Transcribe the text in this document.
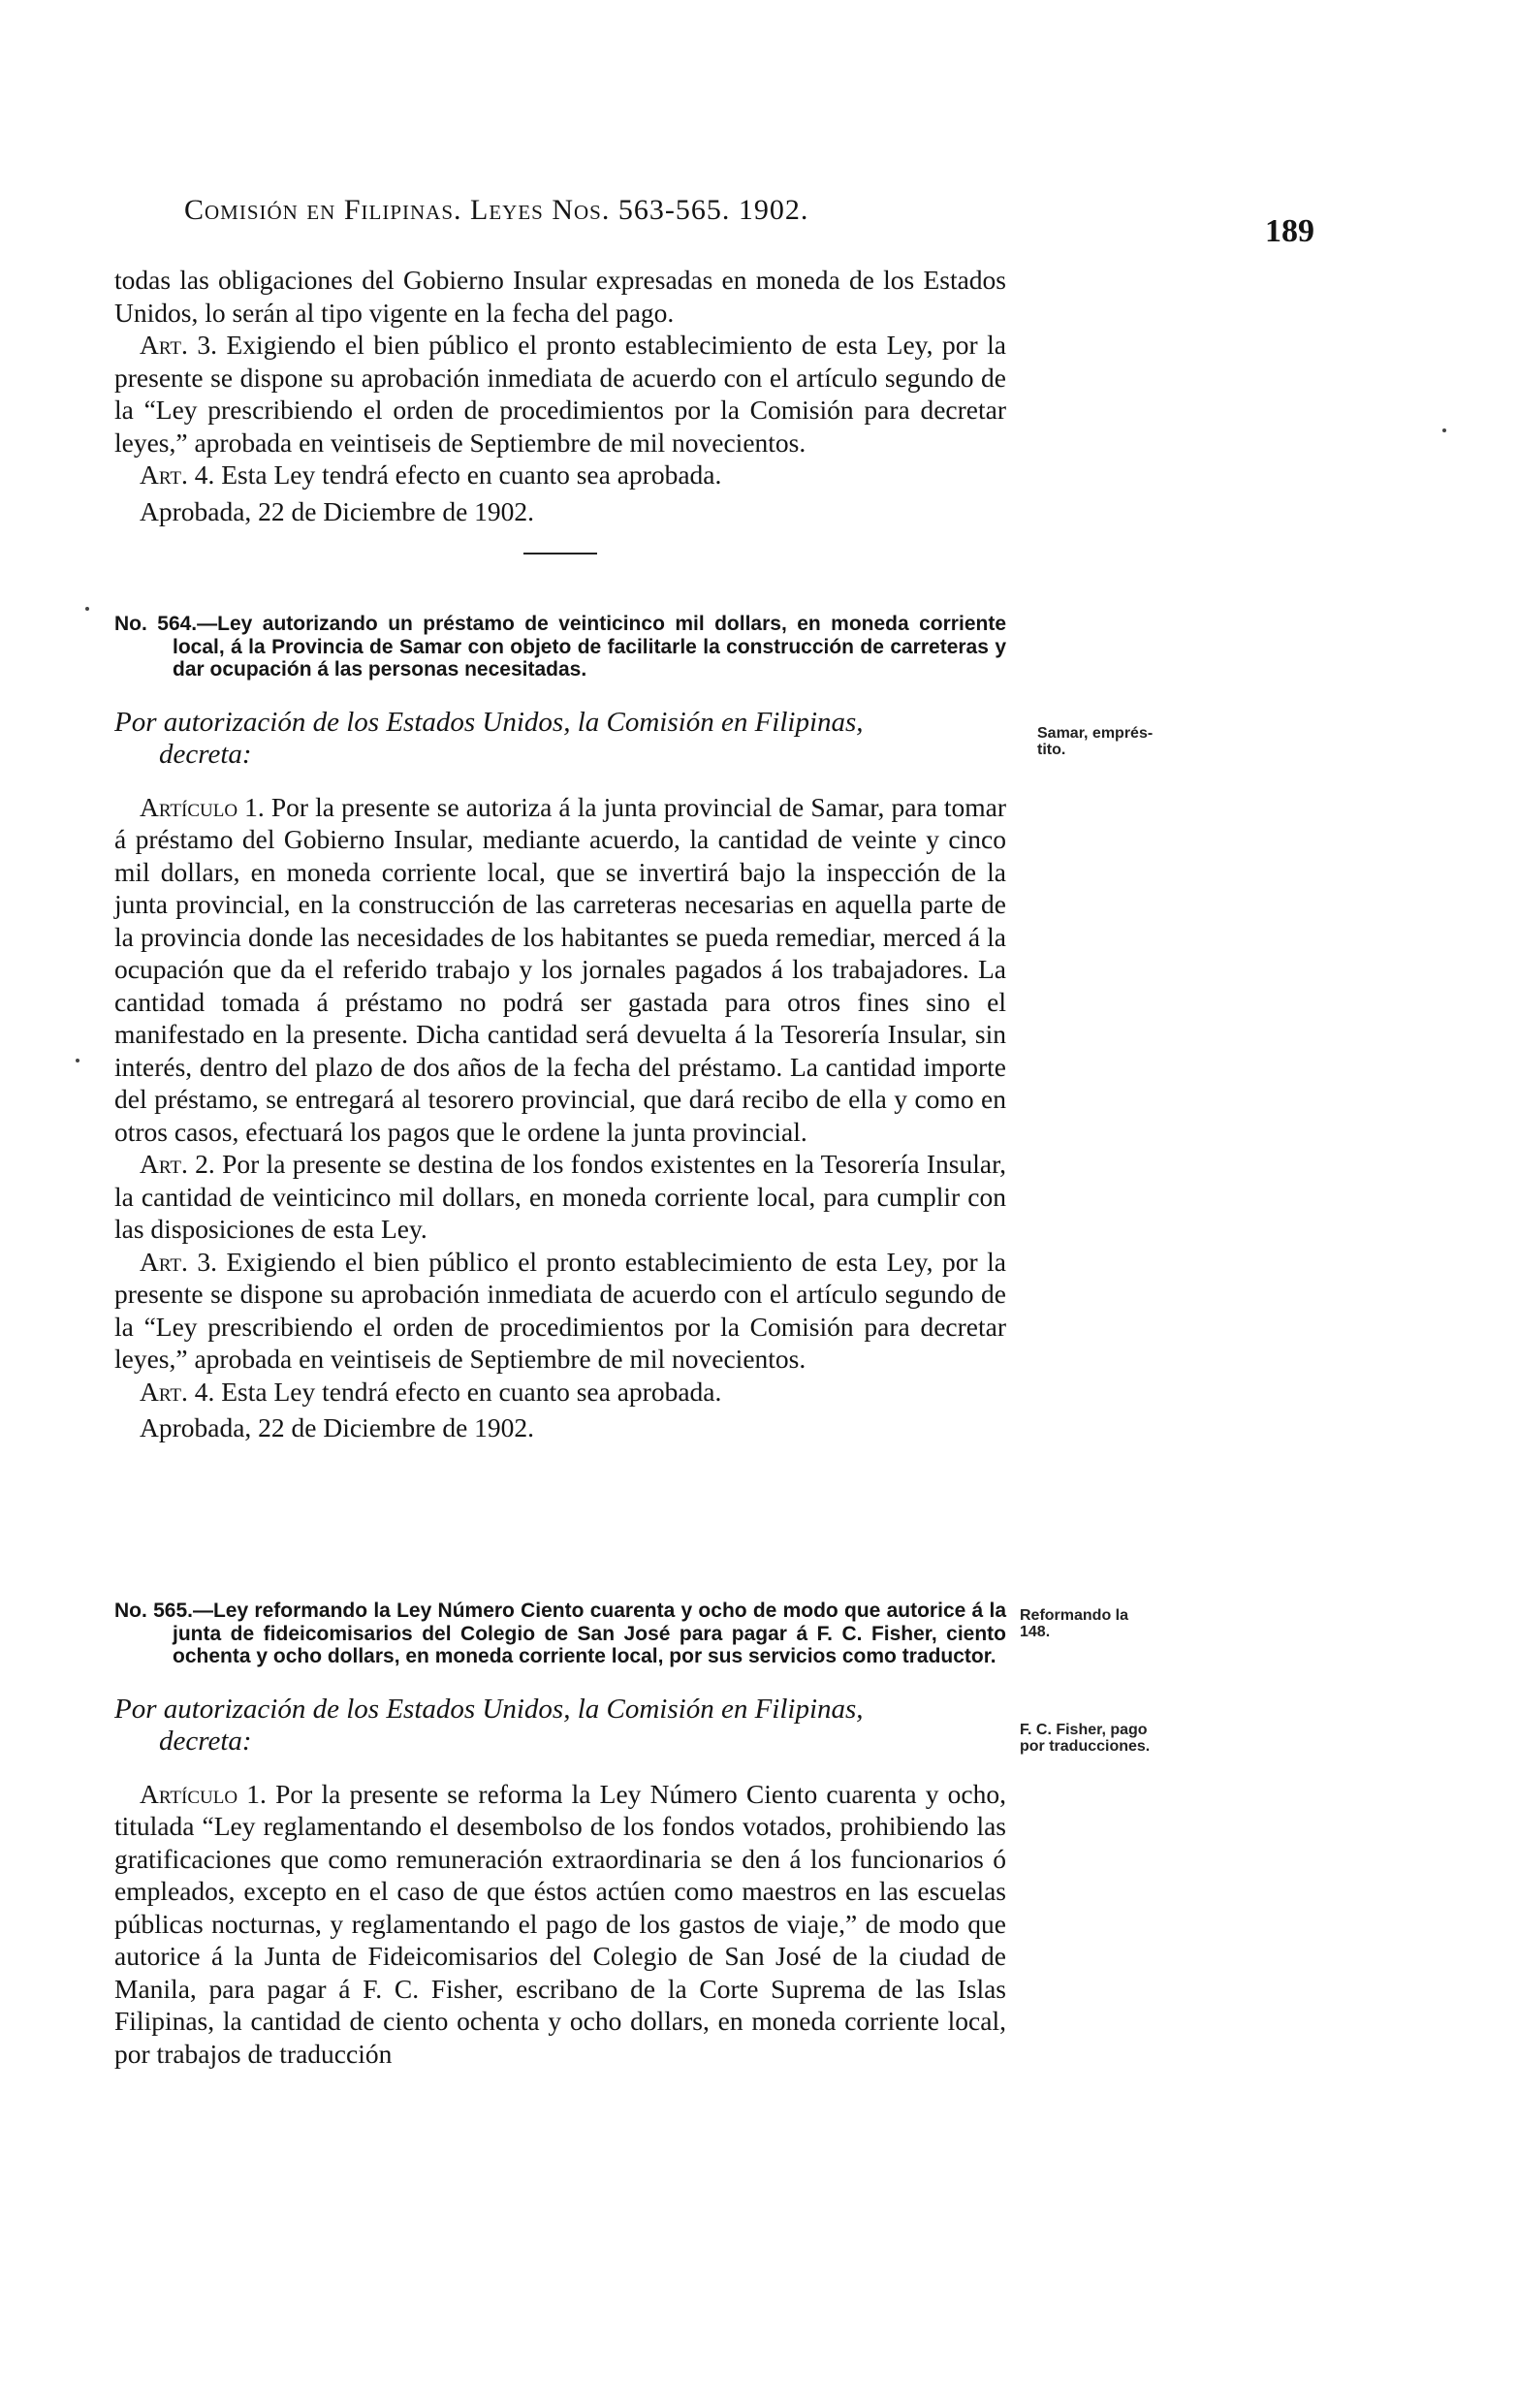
Comisión en Filipinas. Leyes Nos. 563-565. 1902.
189

todas las obligaciones del Gobierno Insular expresadas en moneda de los Estados Unidos, lo serán al tipo vigente en la fecha del pago.

Art. 3. Exigiendo el bien público el pronto establecimiento de esta Ley, por la presente se dispone su aprobación inmediata de acuerdo con el artículo segundo de la “Ley prescribiendo el orden de procedimientos por la Comisión para decretar leyes,” aprobada en veintiseis de Septiembre de mil novecientos.

Art. 4. Esta Ley tendrá efecto en cuanto sea aprobada.

Aprobada, 22 de Diciembre de 1902.

No. 564.—Ley autorizando un préstamo de veinticinco mil dollars, en moneda corriente local, á la Provincia de Samar con objeto de facilitarle la construcción de carreteras y dar ocupación á las personas necesitadas.

Por autorización de los Estados Unidos, la Comisión en Filipinas,
decreta:

Artículo 1. Por la presente se autoriza á la junta provincial de Samar, para tomar á préstamo del Gobierno Insular, mediante acuerdo, la cantidad de veinte y cinco mil dollars, en moneda corriente local, que se invertirá bajo la inspección de la junta provincial, en la construcción de las carreteras necesarias en aquella parte de la provincia donde las necesidades de los habitantes se pueda remediar, merced á la ocupación que da el referido trabajo y los jornales pagados á los trabajadores. La cantidad tomada á préstamo no podrá ser gastada para otros fines sino el manifestado en la presente. Dicha cantidad será devuelta á la Tesorería Insular, sin interés, dentro del plazo de dos años de la fecha del préstamo. La cantidad importe del préstamo, se entregará al tesorero provincial, que dará recibo de ella y como en otros casos, efectuará los pagos que le ordene la junta provincial.

Art. 2. Por la presente se destina de los fondos existentes en la Tesorería Insular, la cantidad de veinticinco mil dollars, en moneda corriente local, para cumplir con las disposiciones de esta Ley.

Art. 3. Exigiendo el bien público el pronto establecimiento de esta Ley, por la presente se dispone su aprobación inmediata de acuerdo con el artículo segundo de la “Ley prescribiendo el orden de procedimientos por la Comisión para decretar leyes,” aprobada en veintiseis de Septiembre de mil novecientos.

Art. 4. Esta Ley tendrá efecto en cuanto sea aprobada.

Aprobada, 22 de Diciembre de 1902.

No. 565.—Ley reformando la Ley Número Ciento cuarenta y ocho de modo que autorice á la junta de fideicomisarios del Colegio de San José para pagar á F. C. Fisher, ciento ochenta y ocho dollars, en moneda corriente local, por sus servicios como traductor.

Por autorización de los Estados Unidos, la Comisión en Filipinas,
decreta:

Artículo 1. Por la presente se reforma la Ley Número Ciento cuarenta y ocho, titulada “Ley reglamentando el desembolso de los fondos votados, prohibiendo las gratificaciones que como remuneración extraordinaria se den á los funcionarios ó empleados, excepto en el caso de que éstos actúen como maestros en las escuelas públicas nocturnas, y reglamentando el pago de los gastos de viaje,” de modo que autorice á la Junta de Fideicomisarios del Colegio de San José de la ciudad de Manila, para pagar á F. C. Fisher, escribano de la Corte Suprema de las Islas Filipinas, la cantidad de ciento ochenta y ocho dollars, en moneda corriente local, por trabajos de traducción

Samar, emprés-
tito.
Reformando la
148.
F. C. Fisher, pago
por traducciones.
